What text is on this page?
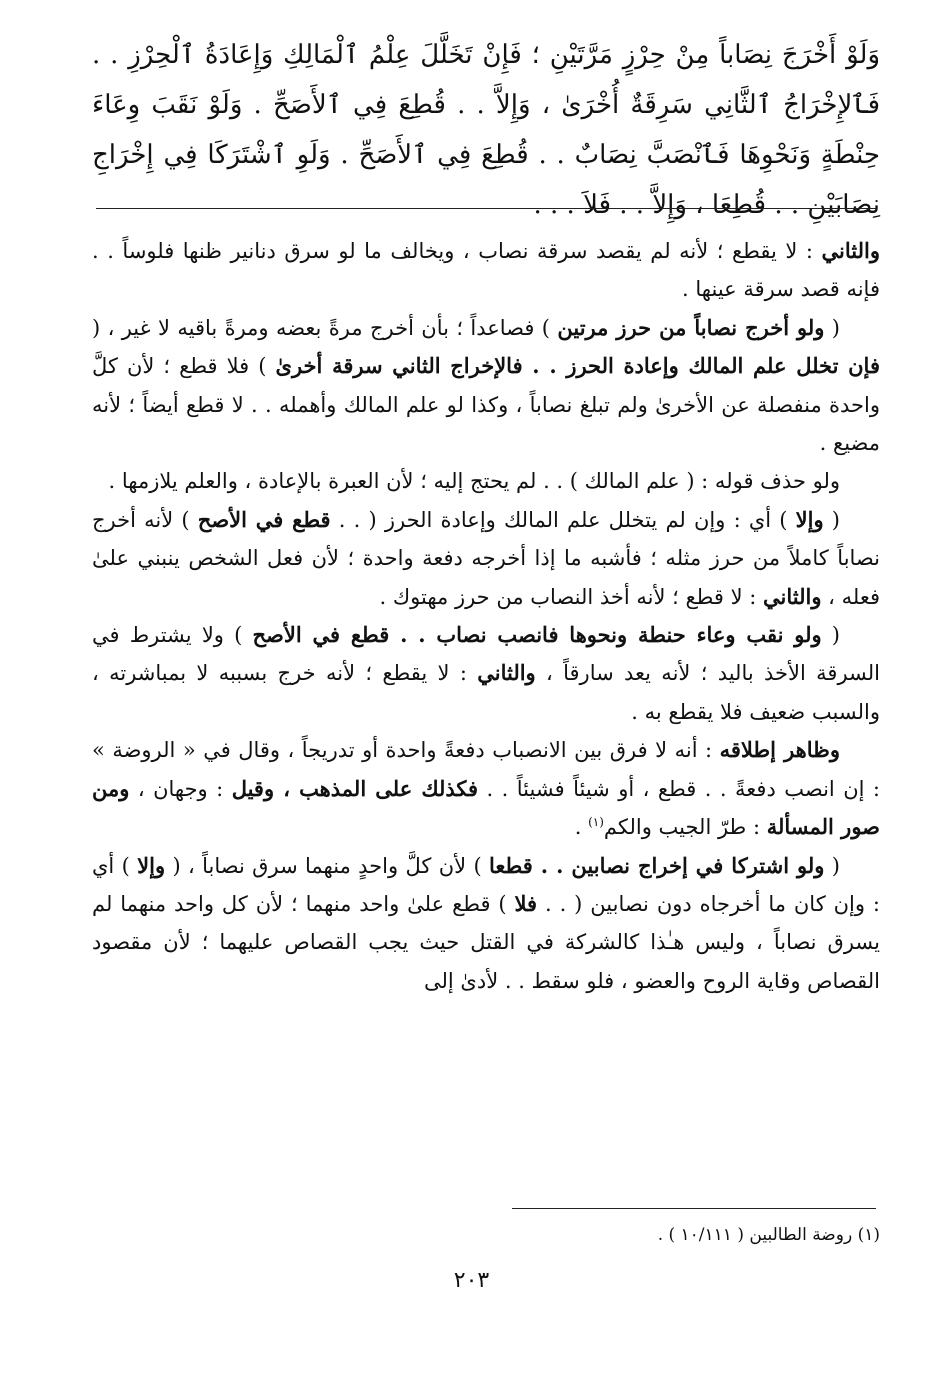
وَلَوْ أَخْرَجَ نِصَاباً مِنْ حِرْزٍ مَرَّتَيْنِ ؛ فَإِنْ تَخَلَّلَ عِلْمُ ٱلْمَالِكِ وَإِعَادَةُ ٱلْحِرْزِ . . فَٱلإِخْرَاجُ ٱلثَّانِي سَرِقَةٌ أُخْرَىٰ ، وَإِلاَّ . . قُطِعَ فِي ٱلأَصَحِّ . وَلَوْ نَقَبَ وِعَاءَ حِنْطَةٍ وَنَحْوِهَا فَٱنْصَبَّ نِصَابٌ . . قُطِعَ فِي ٱلأَصَحِّ . وَلَوِ ٱشْتَرَكَا فِي إِخْرَاجِ نِصَابَيْنِ . . قُطِعَا ، وَإِلاَّ . . فَلاَ . . .

والثاني : لا يقطع ؛ لأنه لم يقصد سرقة نصاب ، ويخالف ما لو سرق دنانير ظنها فلوساً . . فإنه قصد سرقة عينها .

( ولو أخرج نصاباً من حرز مرتين ) فصاعداً ؛ بأن أخرج مرةً بعضه ومرةً باقيه لا غير ، ( فإن تخلل علم المالك وإعادة الحرز . . فالإخراج الثاني سرقة أخرىٰ ) فلا قطع ؛ لأن كلَّ واحدة منفصلة عن الأخرىٰ ولم تبلغ نصاباً ، وكذا لو علم المالك وأهمله . . لا قطع أيضاً ؛ لأنه مضيع .

ولو حذف قوله : ( علم المالك ) . . لم يحتج إليه ؛ لأن العبرة بالإعادة ، والعلم يلازمها .

( وإلا ) أي : وإن لم يتخلل علم المالك وإعادة الحرز ( . . قطع في الأصح ) لأنه أخرج نصاباً كاملاً من حرز مثله ؛ فأشبه ما إذا أخرجه دفعة واحدة ؛ لأن فعل الشخص ينبني علىٰ فعله ، والثاني : لا قطع ؛ لأنه أخذ النصاب من حرز مهتوك .

( ولو نقب وعاء حنطة ونحوها فانصب نصاب . . قطع في الأصح ) ولا يشترط في السرقة الأخذ باليد ؛ لأنه يعد سارقاً ، والثاني : لا يقطع ؛ لأنه خرج بسببه لا بمباشرته ، والسبب ضعيف فلا يقطع به .

وظاهر إطلاقه : أنه لا فرق بين الانصباب دفعةً واحدة أو تدريجاً ، وقال في « الروضة » : إن انصب دفعةً . . قطع ، أو شيئاً فشيئاً . . فكذلك على المذهب ، وقيل : وجهان ، ومن صور المسألة : طرّ الجيب والكم$^{(١)}$ .

( ولو اشتركا في إخراج نصابين . . قطعا ) لأن كلَّ واحدٍ منهما سرق نصاباً ، ( وإلا ) أي : وإن كان ما أخرجاه دون نصابين ( . . فلا ) قطع علىٰ واحد منهما ؛ لأن كل واحد منهما لم يسرق نصاباً ، وليس هـٰذا كالشركة في القتل حيث يجب القصاص عليهما ؛ لأن مقصود القصاص وقاية الروح والعضو ، فلو سقط . . لأدىٰ إلى

(١) روضة الطالبين ( ١٠/١١١ ) .
٢٠٣
